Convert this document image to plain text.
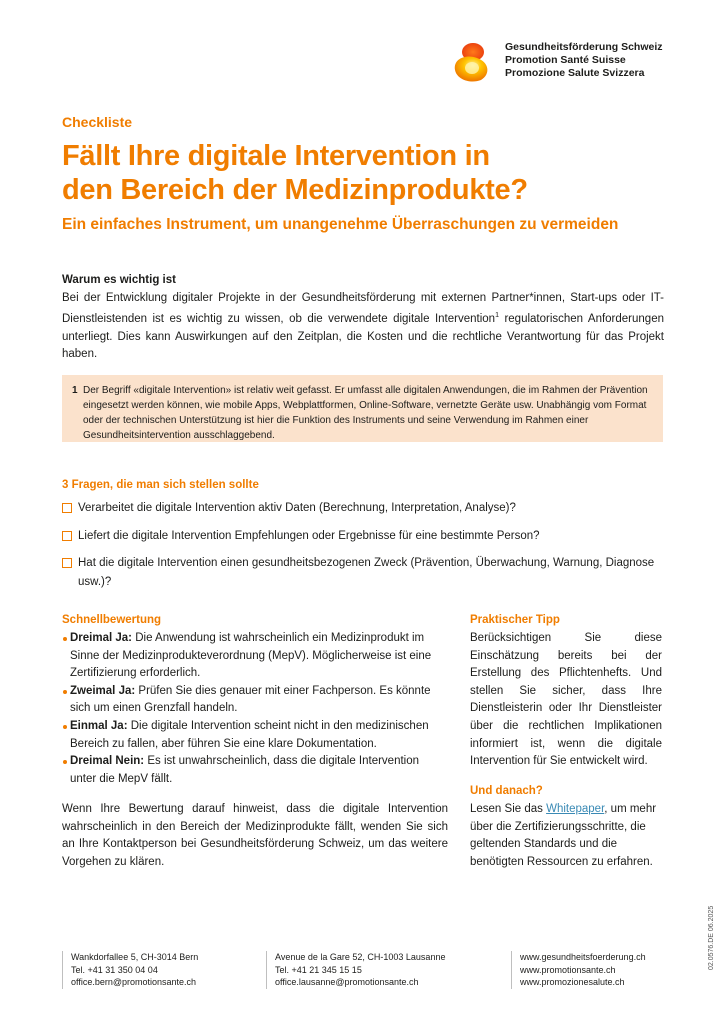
Gesundheitsförderung Schweiz
Promotion Santé Suisse
Promozione Salute Svizzera
Checkliste
Fällt Ihre digitale Intervention in
den Bereich der Medizinprodukte?
Ein einfaches Instrument, um unangenehme Überraschungen zu vermeiden
Warum es wichtig ist
Bei der Entwicklung digitaler Projekte in der Gesundheitsförderung mit externen Partner*innen, Start-ups oder IT-Dienstleistenden ist es wichtig zu wissen, ob die verwendete digitale Intervention$^1$ regulatorischen Anforderungen unterliegt. Dies kann Auswirkungen auf den Zeitplan, die Kosten und die rechtliche Verantwortung für das Projekt haben.
1 Der Begriff «digitale Intervention» ist relativ weit gefasst. Er umfasst alle digitalen Anwendungen, die im Rahmen der Prävention eingesetzt werden können, wie mobile Apps, Webplattformen, Online-Software, vernetzte Geräte usw. Unabhängig vom Format oder der technischen Unterstützung ist hier die Funktion des Instruments und seine Verwendung im Rahmen einer Gesundheitsintervention ausschlaggebend.
3 Fragen, die man sich stellen sollte
Verarbeitet die digitale Intervention aktiv Daten (Berechnung, Interpretation, Analyse)?
Liefert die digitale Intervention Empfehlungen oder Ergebnisse für eine bestimmte Person?
Hat die digitale Intervention einen gesundheitsbezogenen Zweck (Prävention, Überwachung, Warnung, Diagnose usw.)?
Schnellbewertung
Dreimal Ja: Die Anwendung ist wahrscheinlich ein Medizinprodukt im Sinne der Medizinprodukteverordnung (MepV). Möglicherweise ist eine Zertifizierung erforderlich.
Zweimal Ja: Prüfen Sie dies genauer mit einer Fachperson. Es könnte sich um einen Grenzfall handeln.
Einmal Ja: Die digitale Intervention scheint nicht in den medizinischen Bereich zu fallen, aber führen Sie eine klare Dokumentation.
Dreimal Nein: Es ist unwahrscheinlich, dass die digitale Intervention unter die MepV fällt.
Wenn Ihre Bewertung darauf hinweist, dass die digitale Intervention wahrscheinlich in den Bereich der Medizinprodukte fällt, wenden Sie sich an Ihre Kontaktperson bei Gesundheitsförderung Schweiz, um das weitere Vorgehen zu klären.
Praktischer Tipp
Berücksichtigen Sie diese Einschätzung bereits bei der Erstellung des Pflichtenhefts. Und stellen Sie sicher, dass Ihre Dienstleisterin oder Ihr Dienstleister über die rechtlichen Implikationen informiert ist, wenn die digitale Intervention für Sie entwickelt wird.
Und danach?
Lesen Sie das Whitepaper, um mehr über die Zertifizierungsschritte, die geltenden Standards und die benötigten Ressourcen zu erfahren.
Wankdorfallee 5, CH-3014 Bern
Tel. +41 31 350 04 04
office.bern@promotionsante.ch
Avenue de la Gare 52, CH-1003 Lausanne
Tel. +41 21 345 15 15
office.lausanne@promotionsante.ch
www.gesundheitsfoerderung.ch
www.promotionsante.ch
www.promozionesalute.ch
02.0576.DE 06.2025
